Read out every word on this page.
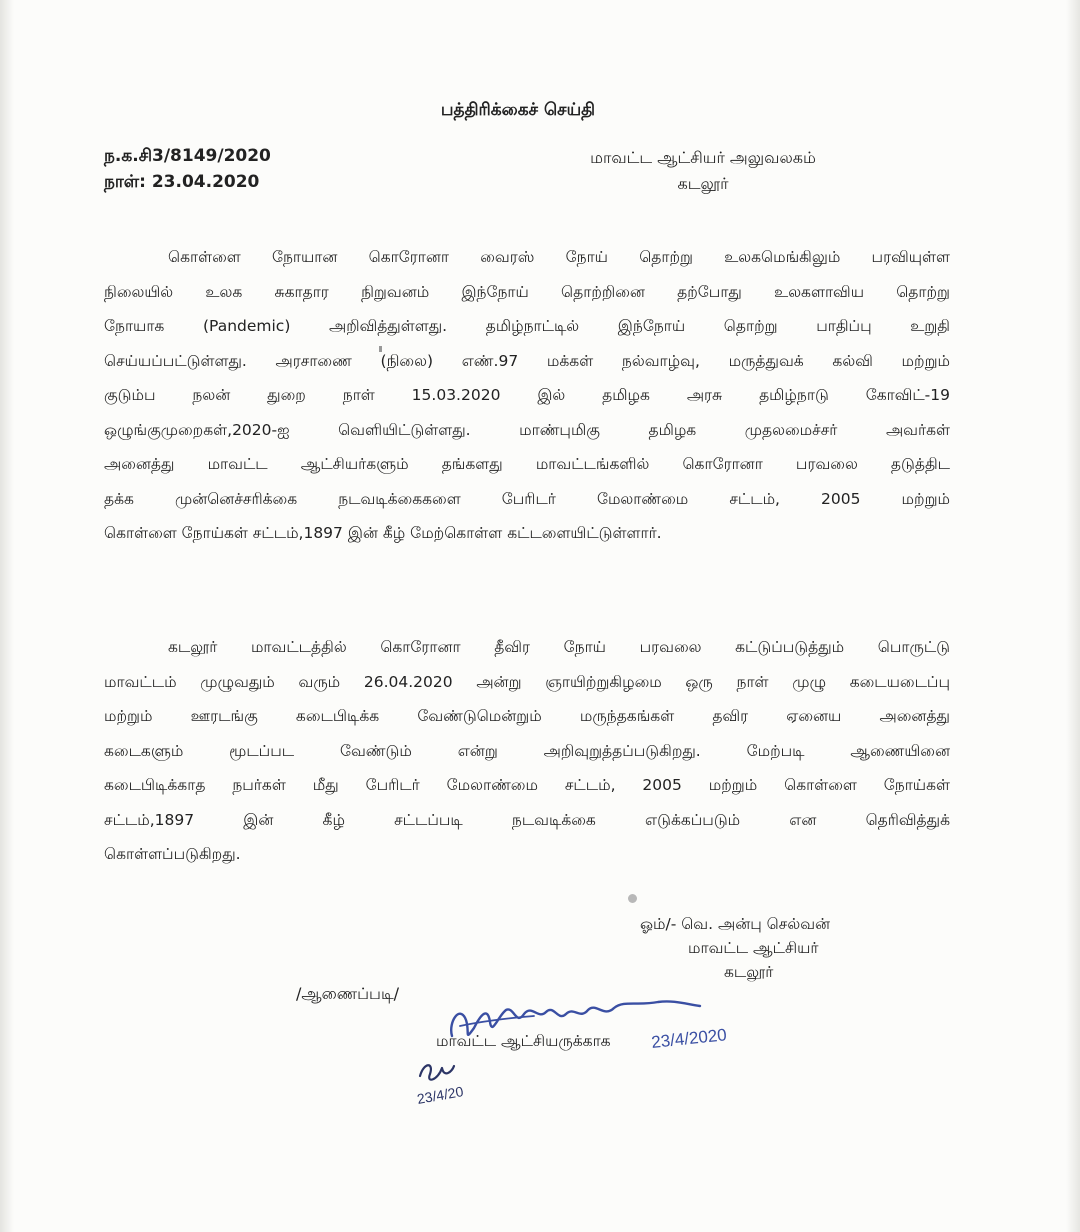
பத்திரிக்கைச் செய்தி
ந.க.சி3/8149/2020
நாள்: 23.04.2020
மாவட்ட ஆட்சியர் அலுவலகம்
கடலூர்
கொள்ளை நோயான கொரோனா வைரஸ் நோய் தொற்று உலகமெங்கிலும் பரவியுள்ள
நிலையில் உலக சுகாதார நிறுவனம் இந்நோய் தொற்றினை தற்போது உலகளாவிய தொற்று
நோயாக (Pandemic) அறிவித்துள்ளது. தமிழ்நாட்டில் இந்நோய் தொற்று பாதிப்பு உறுதி
செய்யப்பட்டுள்ளது. அரசாணை (நிலை) எண்.97 மக்கள் நல்வாழ்வு, மருத்துவக் கல்வி மற்றும்
குடும்ப நலன் துறை நாள் 15.03.2020 இல் தமிழக அரசு தமிழ்நாடு கோவிட்-19
ஒழுங்குமுறைகள்,2020-ஐ வெளியிட்டுள்ளது. மாண்புமிகு தமிழக முதலமைச்சர் அவர்கள்
அனைத்து மாவட்ட ஆட்சியர்களும் தங்களது மாவட்டங்களில் கொரோனா பரவலை தடுத்திட
தக்க முன்னெச்சரிக்கை நடவடிக்கைகளை பேரிடர் மேலாண்மை சட்டம், 2005 மற்றும்
கொள்ளை நோய்கள் சட்டம்,1897 இன் கீழ் மேற்கொள்ள கட்டளையிட்டுள்ளார்.
கடலூர் மாவட்டத்தில் கொரோனா தீவிர நோய் பரவலை கட்டுப்படுத்தும் பொருட்டு
மாவட்டம் முழுவதும் வரும் 26.04.2020 அன்று ஞாயிற்றுகிழமை ஒரு நாள் முழு கடையடைப்பு
மற்றும் ஊரடங்கு கடைபிடிக்க வேண்டுமென்றும் மருந்தகங்கள் தவிர ஏனைய அனைத்து
கடைகளும் மூடப்பட வேண்டும் என்று அறிவுறுத்தப்படுகிறது. மேற்படி ஆணையினை
கடைபிடிக்காத நபர்கள் மீது பேரிடர் மேலாண்மை சட்டம், 2005 மற்றும் கொள்ளை நோய்கள்
சட்டம்,1897 இன் கீழ் சட்டப்படி நடவடிக்கை எடுக்கப்படும் என தெரிவித்துக்
கொள்ளப்படுகிறது.
ஓம்/- வெ. அன்பு செல்வன்
மாவட்ட ஆட்சியர்
கடலூர்
/ஆணைப்படி/
23/4/2020
மாவட்ட ஆட்சியருக்காக
23/4/20
